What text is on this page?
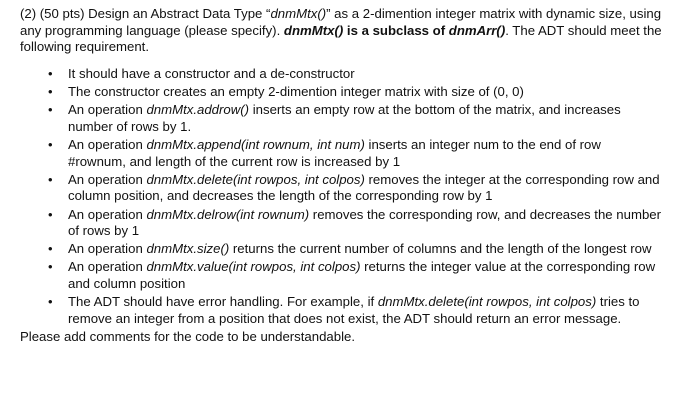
(2) (50 pts) Design an Abstract Data Type “dnmMtx()” as a 2-dimention integer matrix with dynamic size, using any programming language (please specify). dnmMtx() is a subclass of dnmArr(). The ADT should meet the following requirement.

• It should have a constructor and a de-constructor
• The constructor creates an empty 2-dimention integer matrix with size of (0, 0)
• An operation dnmMtx.addrow() inserts an empty row at the bottom of the matrix, and increases number of rows by 1.
• An operation dnmMtx.append(int rownum, int num) inserts an integer num to the end of row #rownum, and length of the current row is increased by 1
• An operation dnmMtx.delete(int rowpos, int colpos) removes the integer at the corresponding row and column position, and decreases the length of the corresponding row by 1
• An operation dnmMtx.delrow(int rownum) removes the corresponding row, and decreases the number of rows by 1
• An operation dnmMtx.size() returns the current number of columns and the length of the longest row
• An operation dnmMtx.value(int rowpos, int colpos) returns the integer value at the corresponding row and column position
• The ADT should have error handling. For example, if dnmMtx.delete(int rowpos, int colpos) tries to remove an integer from a position that does not exist, the ADT should return an error message.

Please add comments for the code to be understandable.
